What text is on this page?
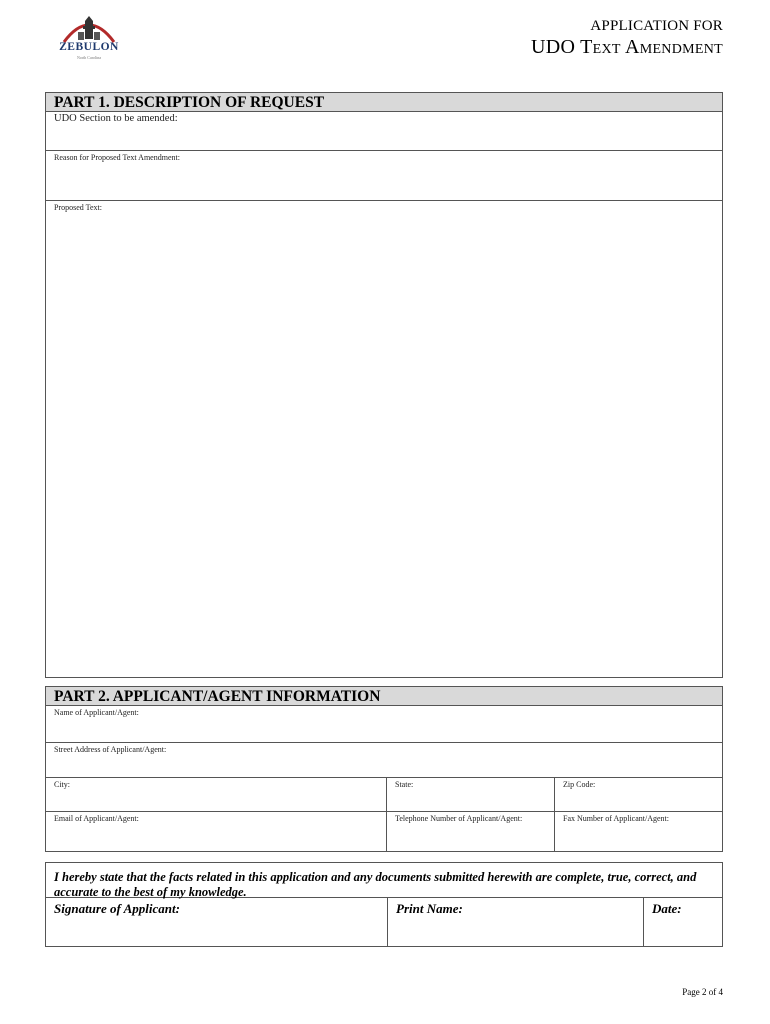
ZEBULON
North Carolina
APPLICATION FOR
UDO Text Amendment
PART 1. DESCRIPTION OF REQUEST
UDO Section to be amended:
Reason for Proposed Text Amendment:
Proposed Text:
PART 2. APPLICANT/AGENT INFORMATION
Name of Applicant/Agent:
Street Address of Applicant/Agent:
City:	State:	Zip Code:
Email of Applicant/Agent:	Telephone Number of Applicant/Agent:	Fax Number of Applicant/Agent:
I hereby state that the facts related in this application and any documents submitted herewith are complete, true, correct, and accurate to the best of my knowledge.
Signature of Applicant:	Print Name:	Date:
Page 2 of 4
